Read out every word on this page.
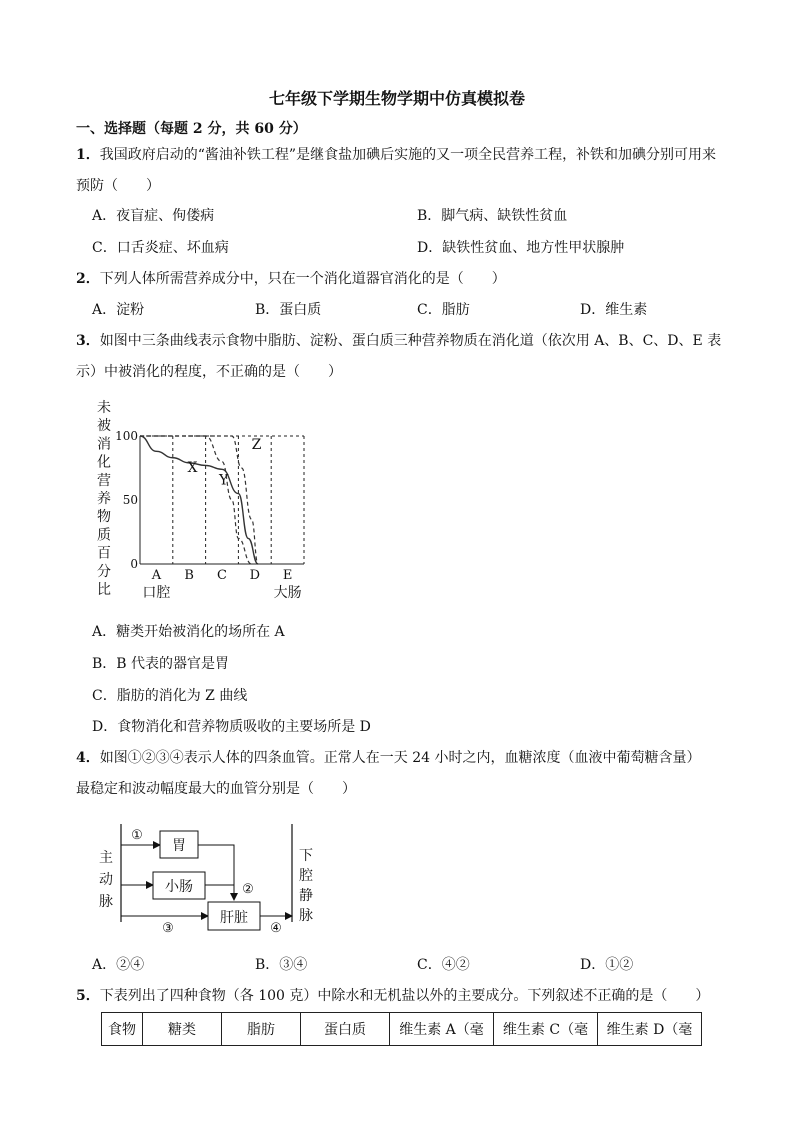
七年级下学期生物学期中仿真模拟卷
一、选择题（每题 2 分，共 60 分）
1．我国政府启动的“酱油补铁工程”是继食盐加碘后实施的又一项全民营养工程，补铁和加碘分别可用来
预防（　　）
A．夜盲症、佝偻病	B．脚气病、缺铁性贫血
C．口舌炎症、坏血病	D．缺铁性贫血、地方性甲状腺肿
2．下列人体所需营养成分中，只在一个消化道器官消化的是（　　）
A．淀粉	B．蛋白质	C．脂肪	D．维生素
3．如图中三条曲线表示食物中脂肪、淀粉、蛋白质三种营养物质在消化道（依次用 A、B、C、D、E 表
示）中被消化的程度，不正确的是（　　）
未
被
消
化
营
养
物
质
百
分
比
100
50
0
X
Y
Z
A B C D E
口腔	大肠
A．糖类开始被消化的场所在 A
B．B 代表的器官是胃
C．脂肪的消化为 Z 曲线
D．食物消化和营养物质吸收的主要场所是 D
4．如图①②③④表示人体的四条血管。正常人在一天 24 小时之内，血糖浓度（血液中葡萄糖含量）
最稳定和波动幅度最大的血管分别是（　　）
主
动
脉
下
腔
静
脉
①
胃
小肠	②
③
肝脏
④
A．②④	B．③④	C．④②	D．①②
5．下表列出了四种食物（各 100 克）中除水和无机盐以外的主要成分。下列叙述不正确的是（　　）
食物	糖类	脂肪	蛋白质	维生素 A（毫	维生素 C（毫	维生素 D（毫
